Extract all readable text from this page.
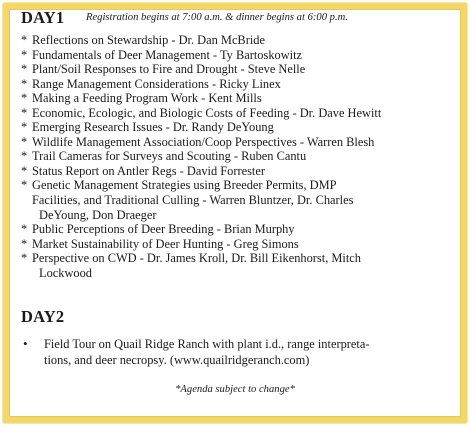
DAY1 Registration begins at 7:00 a.m. & dinner begins at 6:00 p.m.
* Reflections on Stewardship - Dr. Dan McBride
* Fundamentals of Deer Management - Ty Bartoskowitz
* Plant/Soil Responses to Fire and Drought - Steve Nelle
* Range Management Considerations - Ricky Linex
* Making a Feeding Program Work - Kent Mills
* Economic, Ecologic, and Biologic Costs of Feeding - Dr. Dave Hewitt
* Emerging Research Issues - Dr. Randy DeYoung
* Wildlife Management Association/Coop Perspectives - Warren Blesh
* Trail Cameras for Surveys and Scouting - Ruben Cantu
* Status Report on Antler Regs - David Forrester
* Genetic Management Strategies using Breeder Permits, DMP
Facilities, and Traditional Culling - Warren Bluntzer, Dr. Charles
DeYoung, Don Draeger
* Public Perceptions of Deer Breeding - Brian Murphy
* Market Sustainability of Deer Hunting - Greg Simons
* Perspective on CWD - Dr. James Kroll, Dr. Bill Eikenhorst, Mitch
Lockwood
DAY2
•	Field Tour on Quail Ridge Ranch with plant i.d., range interpreta-
tions, and deer necropsy. (www.quailridgeranch.com)
*Agenda subject to change*
